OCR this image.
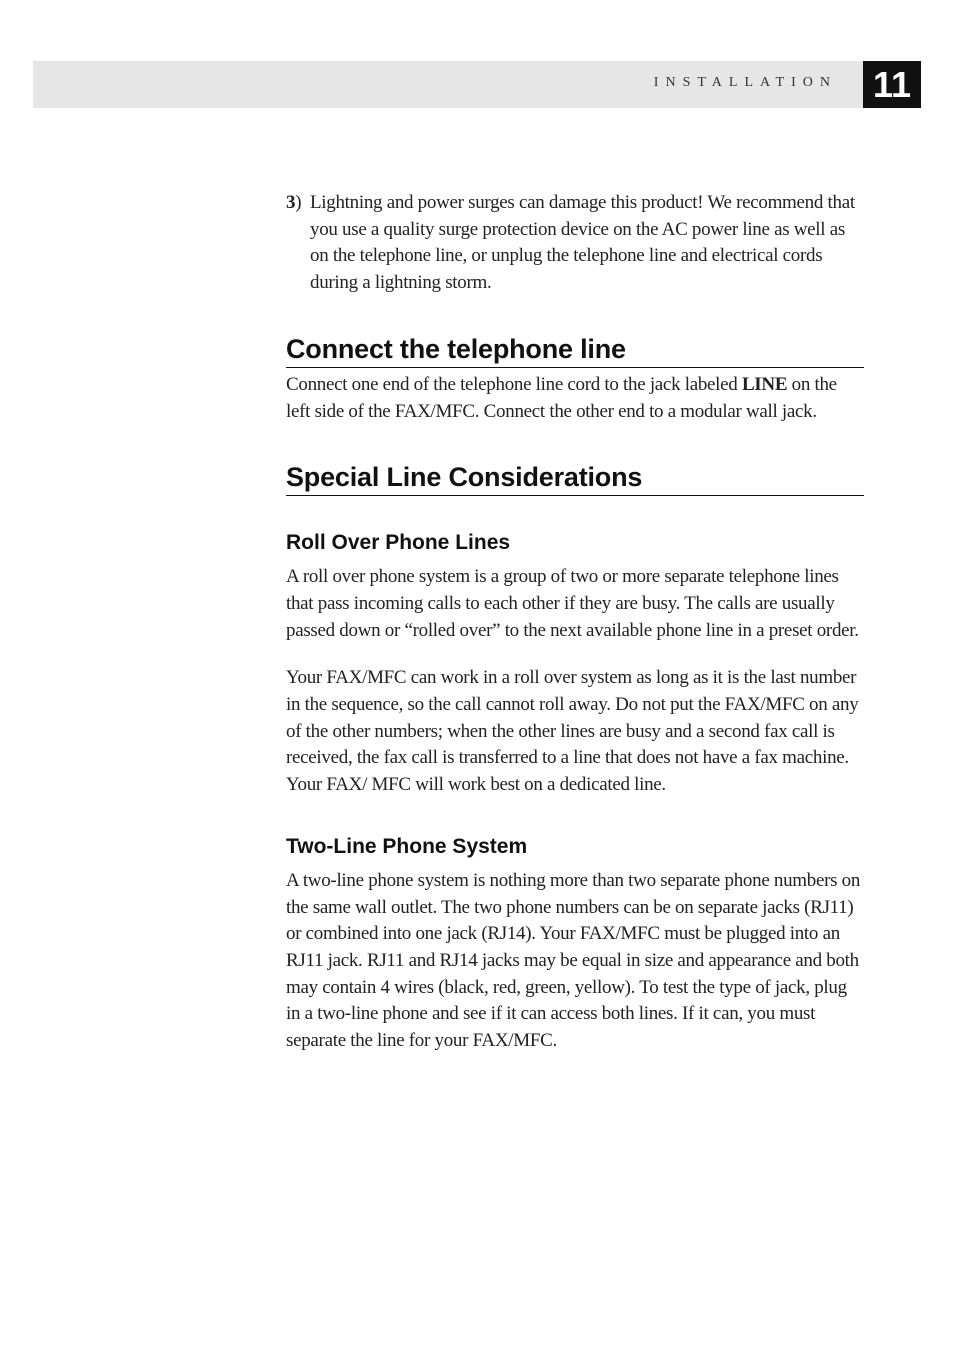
INSTALLATION 11

3) Lightning and power surges can damage this product! We recommend that you use a quality surge protection device on the AC power line as well as on the telephone line, or unplug the telephone line and electrical cords during a lightning storm.

Connect the telephone line

Connect one end of the telephone line cord to the jack labeled LINE on the left side of the FAX/MFC. Connect the other end to a modular wall jack.

Special Line Considerations
Roll Over Phone Lines

A roll over phone system is a group of two or more separate telephone lines that pass incoming calls to each other if they are busy. The calls are usually passed down or “rolled over” to the next available phone line in a preset order.

Your FAX/MFC can work in a roll over system as long as it is the last number in the sequence, so the call cannot roll away. Do not put the FAX/MFC on any of the other numbers; when the other lines are busy and a second fax call is received, the fax call is transferred to a line that does not have a fax machine. Your FAX/ MFC will work best on a dedicated line.

Two-Line Phone System

A two-line phone system is nothing more than two separate phone numbers on the same wall outlet. The two phone numbers can be on separate jacks (RJ11) or combined into one jack (RJ14). Your FAX/MFC must be plugged into an RJ11 jack. RJ11 and RJ14 jacks may be equal in size and appearance and both may contain 4 wires (black, red, green, yellow). To test the type of jack, plug in a two-line phone and see if it can access both lines. If it can, you must separate the line for your FAX/MFC.
